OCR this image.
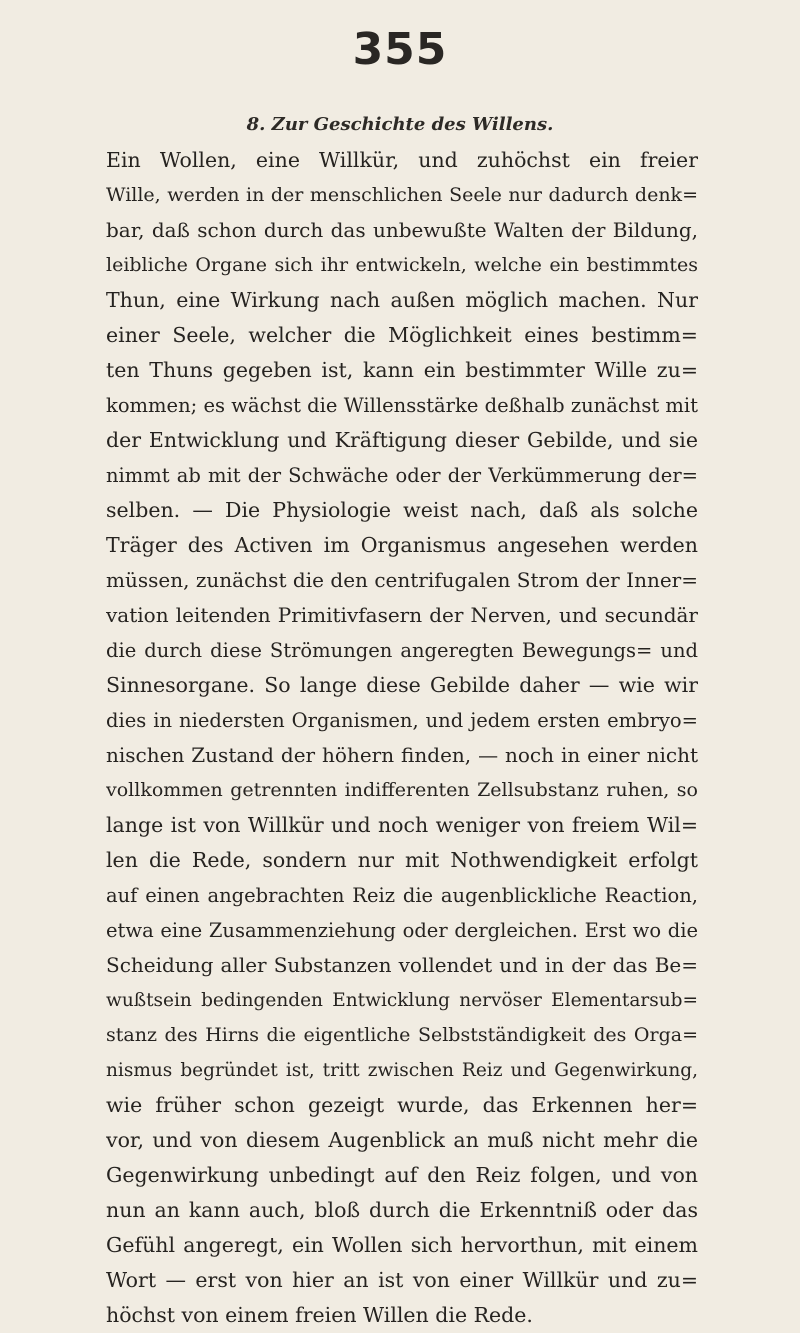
355
8. Zur Geschichte des Willens.
Ein Wollen, eine Willkür, und zuhöchst ein freier
Wille, werden in der menschlichen Seele nur dadurch denk=
bar, daß schon durch das unbewußte Walten der Bildung,
leibliche Organe sich ihr entwickeln, welche ein bestimmtes
Thun, eine Wirkung nach außen möglich machen. Nur
einer Seele, welcher die Möglichkeit eines bestimm=
ten Thuns gegeben ist, kann ein bestimmter Wille zu=
kommen; es wächst die Willensstärke deßhalb zunächst mit
der Entwicklung und Kräftigung dieser Gebilde, und sie
nimmt ab mit der Schwäche oder der Verkümmerung der=
selben. — Die Physiologie weist nach, daß als solche
Träger des Activen im Organismus angesehen werden
müssen, zunächst die den centrifugalen Strom der Inner=
vation leitenden Primitivfasern der Nerven, und secundär
die durch diese Strömungen angeregten Bewegungs= und
Sinnesorgane. So lange diese Gebilde daher — wie wir
dies in niedersten Organismen, und jedem ersten embryo=
nischen Zustand der höhern finden, — noch in einer nicht
vollkommen getrennten indifferenten Zellsubstanz ruhen, so
lange ist von Willkür und noch weniger von freiem Wil=
len die Rede, sondern nur mit Nothwendigkeit erfolgt
auf einen angebrachten Reiz die augenblickliche Reaction,
etwa eine Zusammenziehung oder dergleichen. Erst wo die
Scheidung aller Substanzen vollendet und in der das Be=
wußtsein bedingenden Entwicklung nervöser Elementarsub=
stanz des Hirns die eigentliche Selbstständigkeit des Orga=
nismus begründet ist, tritt zwischen Reiz und Gegenwirkung,
wie früher schon gezeigt wurde, das Erkennen her=
vor, und von diesem Augenblick an muß nicht mehr die
Gegenwirkung unbedingt auf den Reiz folgen, und von
nun an kann auch, bloß durch die Erkenntniß oder das
Gefühl angeregt, ein Wollen sich hervorthun, mit einem
Wort — erst von hier an ist von einer Willkür und zu=
höchst von einem freien Willen die Rede.
